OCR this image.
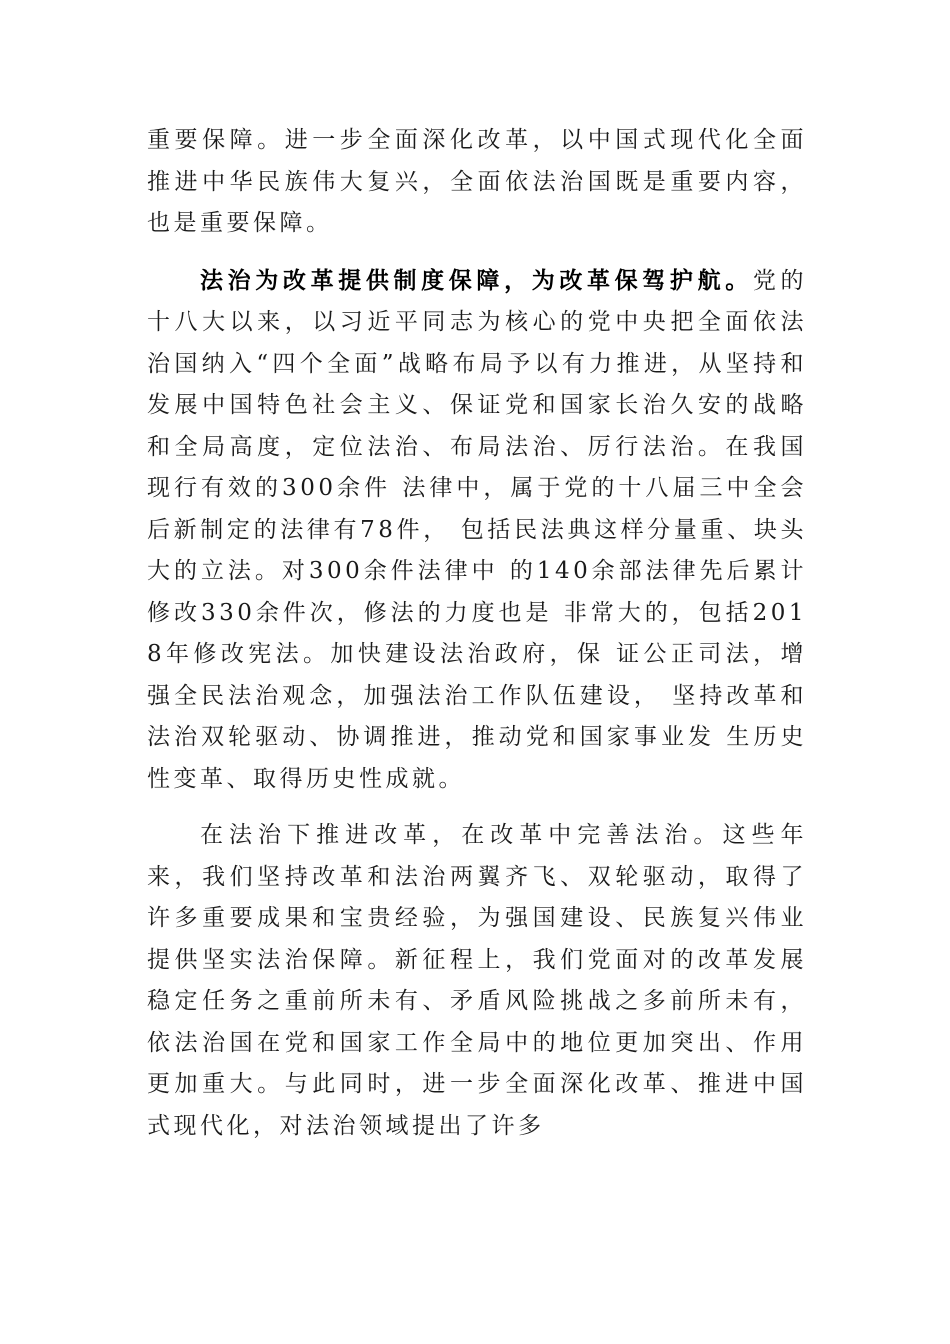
重要保障。进一步全面深化改革，以中国式现代化全面推进中华民族伟大复兴，全面依法治国既是重要内容，也是重要保障。

法治为改革提供制度保障，为改革保驾护航。党的十八大以来，以习近平同志为核心的党中央把全面依法治国纳入“四个全面”战略布局予以有力推进，从坚持和发展中国特色社会主义、保证党和国家长治久安的战略和全局高度，定位法治、布局法治、厉行法治。在我国现行有效的300余件 法律中，属于党的十八届三中全会后新制定的法律有78件， 包括民法典这样分量重、块头大的立法。对300余件法律中 的140余部法律先后累计修改330余件次，修法的力度也是 非常大的，包括2018年修改宪法。加快建设法治政府，保 证公正司法，增强全民法治观念，加强法治工作队伍建设， 坚持改革和法治双轮驱动、协调推进，推动党和国家事业发 生历史性变革、取得历史性成就。

在法治下推进改革，在改革中完善法治。这些年来，我们坚持改革和法治两翼齐飞、双轮驱动，取得了许多重要成果和宝贵经验，为强国建设、民族复兴伟业提供坚实法治保障。新征程上，我们党面对的改革发展稳定任务之重前所未有、矛盾风险挑战之多前所未有，依法治国在党和国家工作全局中的地位更加突出、作用更加重大。与此同时，进一步全面深化改革、推进中国式现代化，对法治领域提出了许多
